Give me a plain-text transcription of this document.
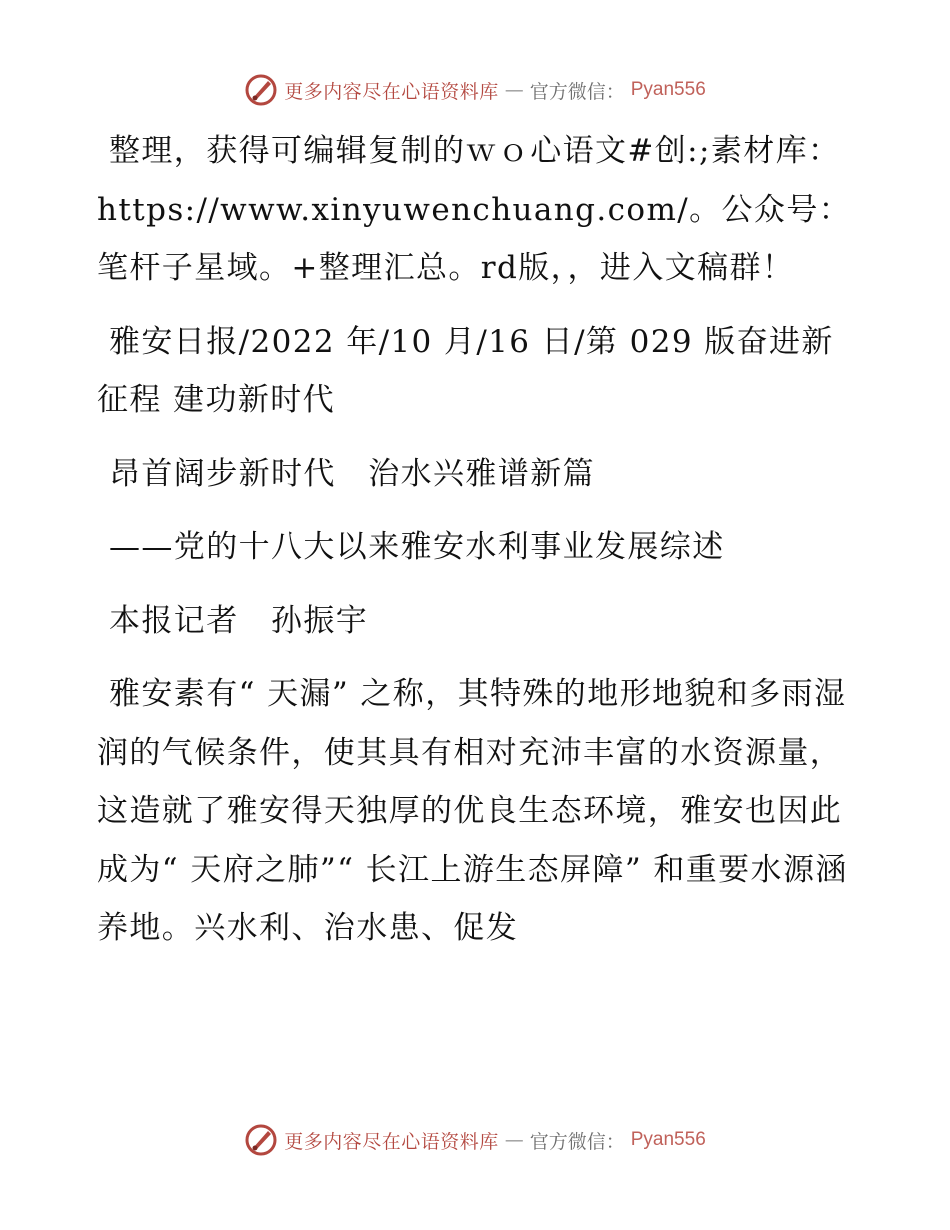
更多内容尽在心语资料库 — 官方微信： Pyan556

整理，获得可编辑复制的ｗｏ心语文#创:;素材库：https://www.xinyuwenchuang.com/。公众号：笔杆子星域。+整理汇总。rd版，，进入文稿群！

雅安日报/2022 年/10 月/16 日/第 029 版奋进新征程 建功新时代

昂首阔步新时代　治水兴雅谱新篇

——党的十八大以来雅安水利事业发展综述

本报记者　孙振宇

雅安素有“ 天漏” 之称，其特殊的地形地貌和多雨湿润的气候条件，使其具有相对充沛丰富的水资源量，这造就了雅安得天独厚的优良生态环境，雅安也因此成为“ 天府之肺”“ 长江上游生态屏障” 和重要水源涵养地。兴水利、治水患、促发

更多内容尽在心语资料库 — 官方微信： Pyan556
